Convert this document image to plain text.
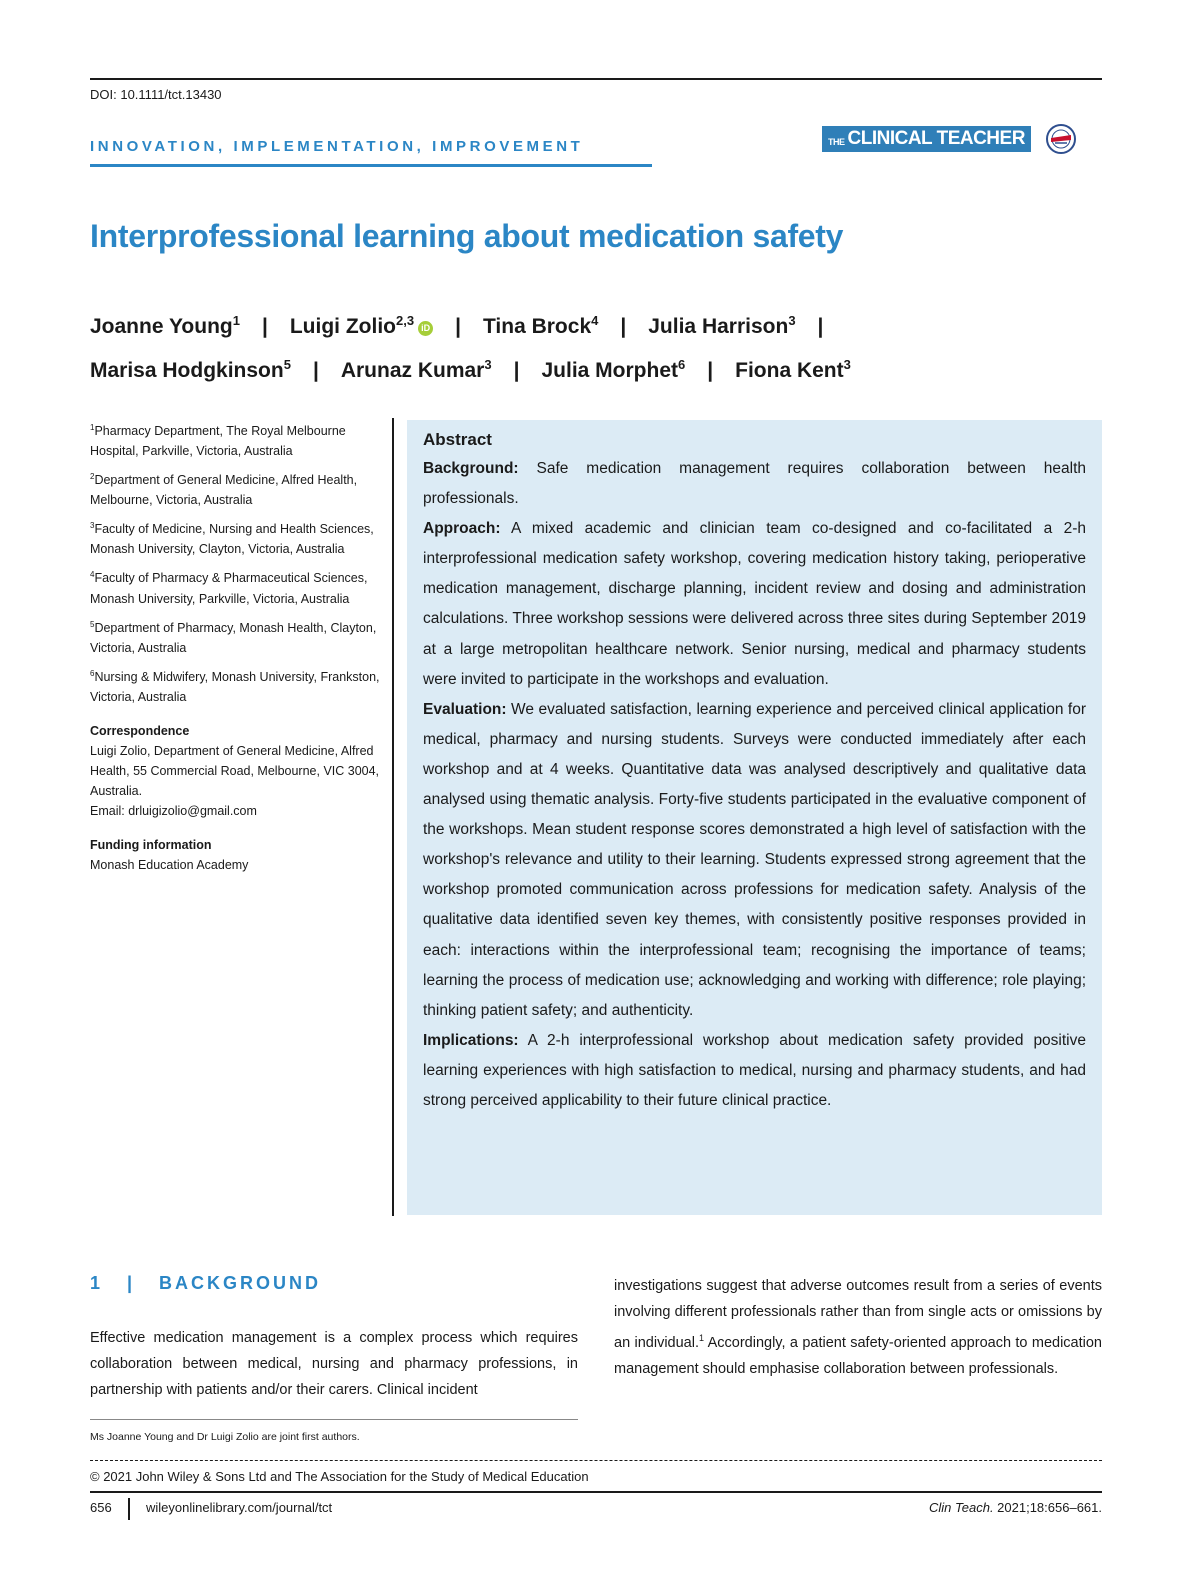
DOI: 10.1111/tct.13430
INNOVATION, IMPLEMENTATION, IMPROVEMENT	THE CLINICAL TEACHER
Interprofessional learning about medication safety
Joanne Young$^1$ | Luigi Zolio$^{2,3}$ iD | Tina Brock$^4$ | Julia Harrison$^3$ |
Marisa Hodgkinson$^5$ | Arunaz Kumar$^3$ | Julia Morphet$^6$ | Fiona Kent$^3$

$^1$Pharmacy Department, The Royal Melbourne Hospital, Parkville, Victoria, Australia

$^2$Department of General Medicine, Alfred Health, Melbourne, Victoria, Australia

$^3$Faculty of Medicine, Nursing and Health Sciences, Monash University, Clayton, Victoria, Australia

$^4$Faculty of Pharmacy & Pharmaceutical Sciences, Monash University, Parkville, Victoria, Australia

$^5$Department of Pharmacy, Monash Health, Clayton, Victoria, Australia

$^6$Nursing & Midwifery, Monash University, Frankston, Victoria, Australia

Correspondence

Luigi Zolio, Department of General Medicine, Alfred Health, 55 Commercial Road, Melbourne, VIC 3004, Australia.

Email: drluigizolio@gmail.com

Funding information

Monash Education Academy

Abstract

Background: Safe medication management requires collaboration between health professionals.

Approach: A mixed academic and clinician team co-designed and co-facilitated a 2-h interprofessional medication safety workshop, covering medication history taking, perioperative medication management, discharge planning, incident review and dosing and administration calculations. Three workshop sessions were delivered across three sites during September 2019 at a large metropolitan healthcare network. Senior nursing, medical and pharmacy students were invited to participate in the workshops and evaluation.

Evaluation: We evaluated satisfaction, learning experience and perceived clinical application for medical, pharmacy and nursing students. Surveys were conducted immediately after each workshop and at 4 weeks. Quantitative data was analysed descriptively and qualitative data analysed using thematic analysis. Forty-five students participated in the evaluative component of the workshops. Mean student response scores demonstrated a high level of satisfaction with the workshop's relevance and utility to their learning. Students expressed strong agreement that the workshop promoted communication across professions for medication safety. Analysis of the qualitative data identified seven key themes, with consistently positive responses provided in each: interactions within the interprofessional team; recognising the importance of teams; learning the process of medication use; acknowledging and working with difference; role playing; thinking patient safety; and authenticity.

Implications: A 2-h interprofessional workshop about medication safety provided positive learning experiences with high satisfaction to medical, nursing and pharmacy students, and had strong perceived applicability to their future clinical practice.

1   |   BACKGROUND

Effective medication management is a complex process which requires collaboration between medical, nursing and pharmacy professions, in partnership with patients and/or their carers. Clinical incident

investigations suggest that adverse outcomes result from a series of events involving different professionals rather than from single acts or omissions by an individual.$^1$ Accordingly, a patient safety-oriented approach to medication management should emphasise collaboration between professionals.

Ms Joanne Young and Dr Luigi Zolio are joint first authors.
© 2021 John Wiley & Sons Ltd and The Association for the Study of Medical Education
656	wileyonlinelibrary.com/journal/tct	Clin Teach. 2021;18:656–661.
